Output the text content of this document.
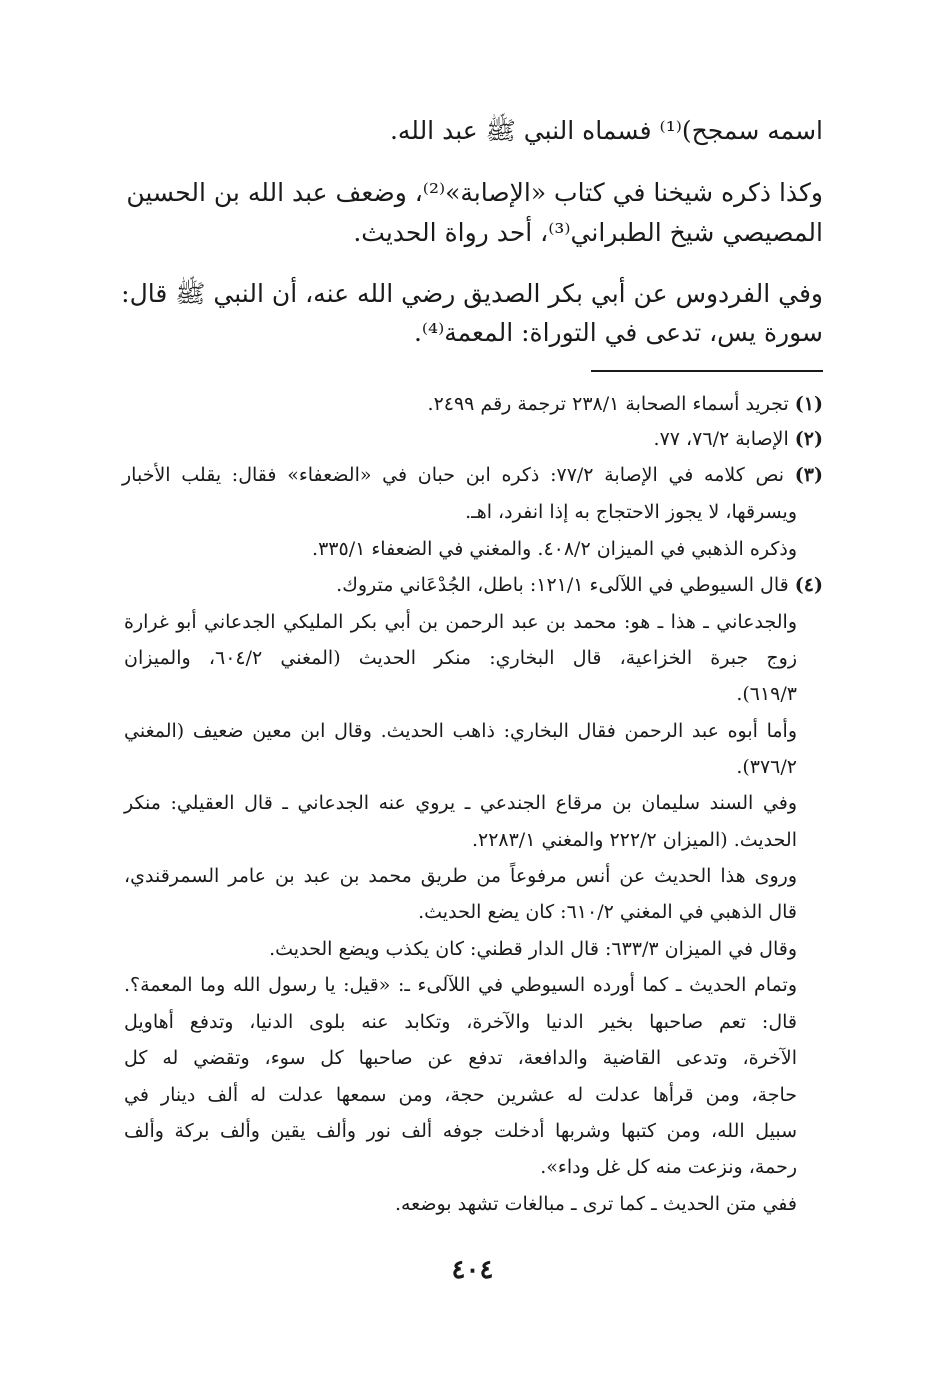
اسمه سمجح)⁽¹⁾ فسماه النبي ﷺ عبد الله.
وكذا ذكره شيخنا في كتاب «الإصابة»⁽²⁾، وضعف عبد الله بن الحسين
المصيصي شيخ الطبراني⁽³⁾، أحد رواة الحديث.
وفي الفردوس عن أبي بكر الصديق رضي الله عنه، أن النبي ﷺ قال:
سورة يس، تدعى في التوراة: المعمة⁽⁴⁾.
(١) تجريد أسماء الصحابة ٢٣٨/١ ترجمة رقم ٢٤٩٩.
(٢) الإصابة ٧٦/٢، ٧٧.
(٣) نص كلامه في الإصابة ٧٧/٢: ذكره ابن حبان في «الضعفاء» فقال: يقلب الأخبار
ويسرقها، لا يجوز الاحتجاج به إذا انفرد، اهـ.
وذكره الذهبي في الميزان ٤٠٨/٢. والمغني في الضعفاء ٣٣٥/١.
(٤) قال السيوطي في اللآلىء ١٢١/١: باطل، الجُدْعَاني متروك.
والجدعاني ـ هذا ـ هو: محمد بن عبد الرحمن بن أبي بكر المليكي الجدعاني أبو غرارة
زوج جبرة الخزاعية، قال البخاري: منكر الحديث (المغني ٦٠٤/٢، والميزان
٦١٩/٣).
وأما أبوه عبد الرحمن فقال البخاري: ذاهب الحديث. وقال ابن معين ضعيف (المغني
٣٧٦/٢).
وفي السند سليمان بن مرقاع الجندعي ـ يروي عنه الجدعاني ـ قال العقيلي: منكر
الحديث. (الميزان ٢٢٢/٢ والمغني ٢٢٨٣/١.
وروى هذا الحديث عن أنس مرفوعاً من طريق محمد بن عبد بن عامر السمرقندي،
قال الذهبي في المغني ٦١٠/٢: كان يضع الحديث.
وقال في الميزان ٦٣٣/٣: قال الدار قطني: كان يكذب ويضع الحديث.
وتمام الحديث ـ كما أورده السيوطي في اللآلىء ـ: «قيل: يا رسول الله وما المعمة؟.
قال: تعم صاحبها بخير الدنيا والآخرة، وتكابد عنه بلوى الدنيا، وتدفع أهاويل
الآخرة، وتدعى القاضية والدافعة، تدفع عن صاحبها كل سوء، وتقضي له كل
حاجة، ومن قرأها عدلت له عشرين حجة، ومن سمعها عدلت له ألف دينار في
سبيل الله، ومن كتبها وشربها أدخلت جوفه ألف نور وألف يقين وألف بركة وألف
رحمة، ونزعت منه كل غل وداء».
ففي متن الحديث ـ كما ترى ـ مبالغات تشهد بوضعه.
٤٠٤
